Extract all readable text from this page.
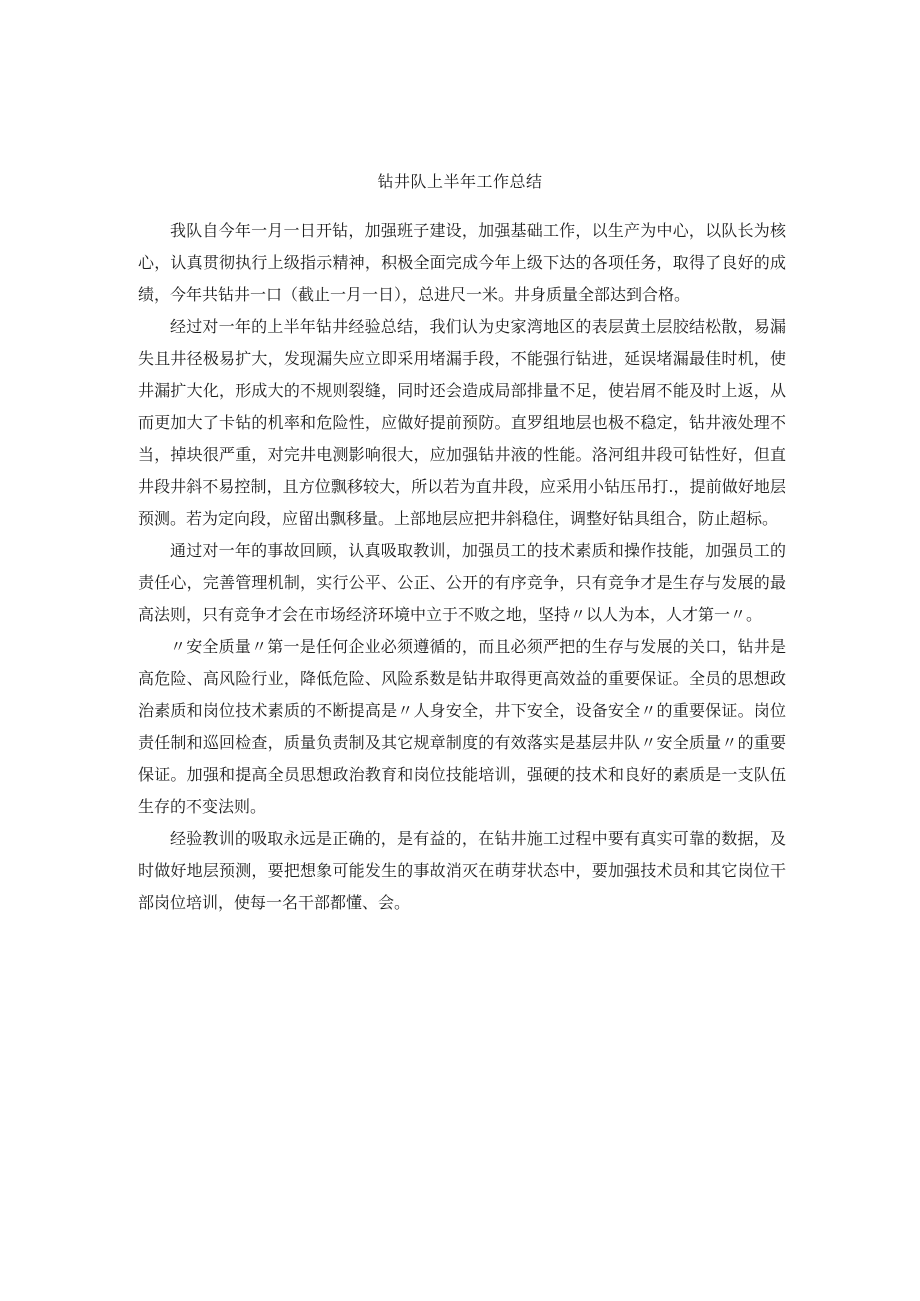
钻井队上半年工作总结

我队自今年一月一日开钻，加强班子建设，加强基础工作，以生产为中心，以队长为核心，认真贯彻执行上级指示精神，积极全面完成今年上级下达的各项任务，取得了良好的成绩，今年共钻井一口（截止一月一日），总进尺一米。井身质量全部达到合格。

经过对一年的上半年钻井经验总结，我们认为史家湾地区的表层黄土层胶结松散，易漏失且井径极易扩大，发现漏失应立即采用堵漏手段，不能强行钻进，延误堵漏最佳时机，使井漏扩大化，形成大的不规则裂缝，同时还会造成局部排量不足，使岩屑不能及时上返，从而更加大了卡钻的机率和危险性，应做好提前预防。直罗组地层也极不稳定，钻井液处理不当，掉块很严重，对完井电测影响很大，应加强钻井液的性能。洛河组井段可钻性好，但直井段井斜不易控制，且方位飘移较大，所以若为直井段，应采用小钻压吊打.，提前做好地层预测。若为定向段，应留出飘移量。上部地层应把井斜稳住，调整好钻具组合，防止超标。

通过对一年的事故回顾，认真吸取教训，加强员工的技术素质和操作技能，加强员工的责任心，完善管理机制，实行公平、公正、公开的有序竞争，只有竞争才是生存与发展的最高法则，只有竞争才会在市场经济环境中立于不败之地，坚持〃以人为本，人才第一〃。

〃安全质量〃第一是任何企业必须遵循的，而且必须严把的生存与发展的关口，钻井是高危险、高风险行业，降低危险、风险系数是钻井取得更高效益的重要保证。全员的思想政治素质和岗位技术素质的不断提高是〃人身安全，井下安全，设备安全〃的重要保证。岗位责任制和巡回检查，质量负责制及其它规章制度的有效落实是基层井队〃安全质量〃的重要保证。加强和提高全员思想政治教育和岗位技能培训，强硬的技术和良好的素质是一支队伍生存的不变法则。

经验教训的吸取永远是正确的，是有益的，在钻井施工过程中要有真实可靠的数据，及时做好地层预测，要把想象可能发生的事故消灭在萌芽状态中，要加强技术员和其它岗位干部岗位培训，使每一名干部都懂、会。
